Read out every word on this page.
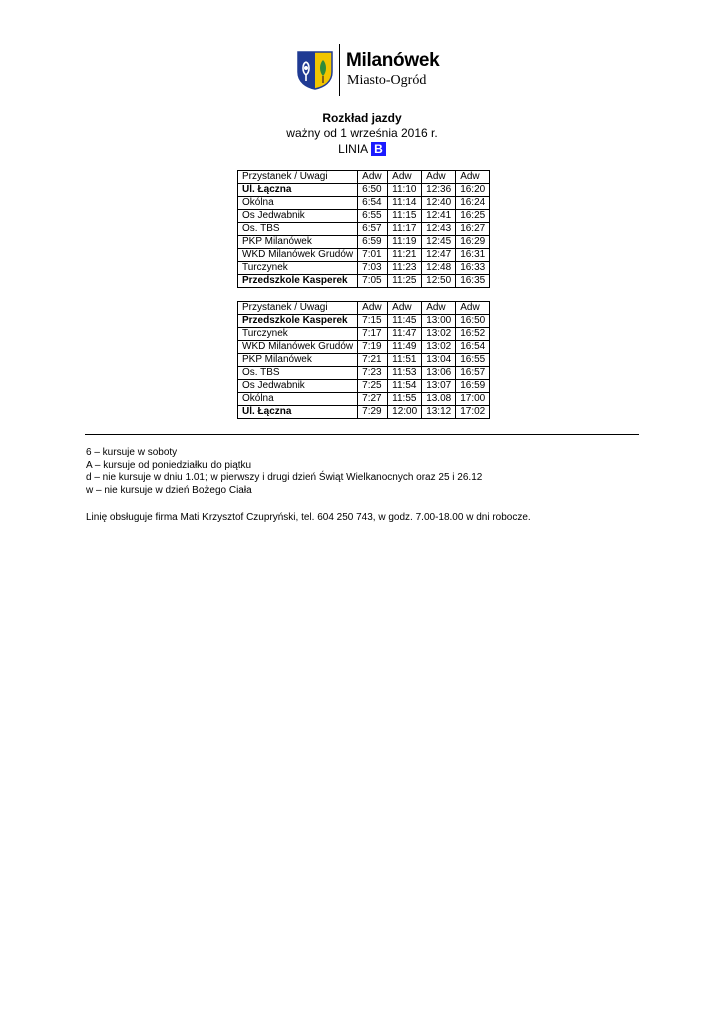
Milanówek
Miasto-Ogród
Rozkład jazdy
ważny od 1 września 2016 r.
LINIA B
Przystanek / Uwagi	Adw	Adw	Adw	Adw
Ul. Łączna	6:50	11:10	12:36	16:20
Okólna	6:54	11:14	12:40	16:24
Os Jedwabnik	6:55	11:15	12:41	16:25
Os. TBS	6:57	11:17	12:43	16:27
PKP Milanówek	6:59	11:19	12:45	16:29
WKD Milanówek Grudów	7:01	11:21	12:47	16:31
Turczynek	7:03	11:23	12:48	16:33
Przedszkole Kasperek	7:05	11:25	12:50	16:35
Przystanek / Uwagi	Adw	Adw	Adw	Adw
Przedszkole Kasperek	7:15	11:45	13:00	16:50
Turczynek	7:17	11:47	13:02	16:52
WKD Milanówek Grudów	7:19	11:49	13:02	16:54
PKP Milanówek	7:21	11:51	13:04	16:55
Os. TBS	7:23	11:53	13:06	16:57
Os Jedwabnik	7:25	11:54	13:07	16:59
Okólna	7:27	11:55	13.08	17:00
Ul. Łączna	7:29	12:00	13:12	17:02
6 – kursuje w soboty
A – kursuje od poniedziałku do piątku
d – nie kursuje w dniu 1.01; w pierwszy i drugi dzień Świąt Wielkanocnych oraz 25 i 26.12
w – nie kursuje w dzień Bożego Ciała
Linię obsługuje firma Mati Krzysztof Czupryński, tel. 604 250 743, w godz. 7.00-18.00 w dni robocze.
